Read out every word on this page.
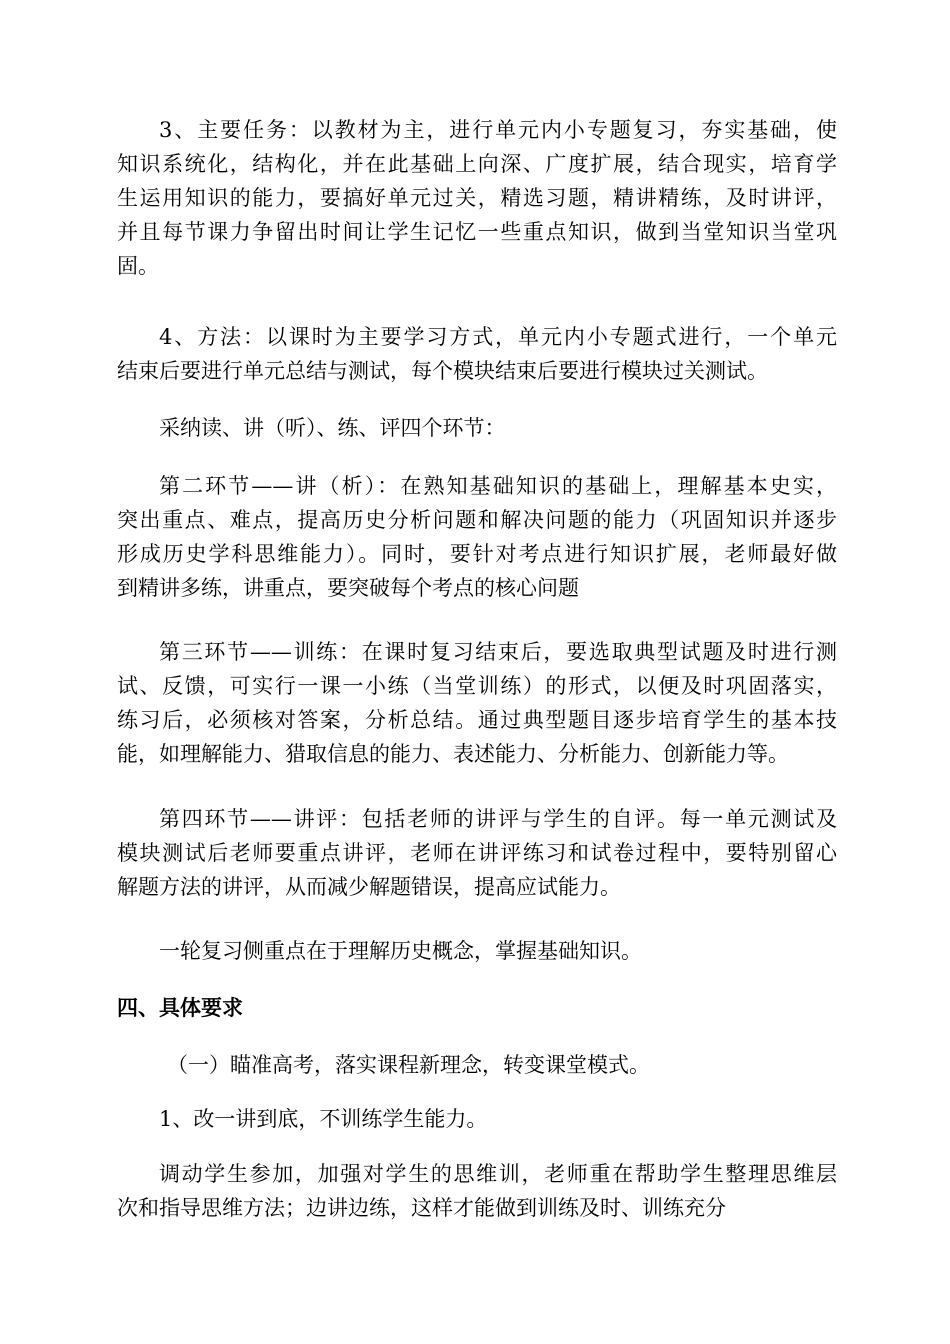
3、主要任务：以教材为主，进行单元内小专题复习，夯实基础，使
知识系统化，结构化，并在此基础上向深、广度扩展，结合现实，培育学
生运用知识的能力，要搞好单元过关，精选习题，精讲精练，及时讲评，
并且每节课力争留出时间让学生记忆一些重点知识，做到当堂知识当堂巩
固。
4、方法：以课时为主要学习方式，单元内小专题式进行，一个单元
结束后要进行单元总结与测试，每个模块结束后要进行模块过关测试。
采纳读、讲（听）、练、评四个环节：
第二环节——讲（析）：在熟知基础知识的基础上，理解基本史实，
突出重点、难点，提高历史分析问题和解决问题的能力（巩固知识并逐步
形成历史学科思维能力）。同时，要针对考点进行知识扩展，老师最好做
到精讲多练，讲重点，要突破每个考点的核心问题
第三环节——训练：在课时复习结束后，要选取典型试题及时进行测
试、反馈，可实行一课一小练（当堂训练）的形式，以便及时巩固落实，
练习后，必须核对答案，分析总结。通过典型题目逐步培育学生的基本技
能，如理解能力、猎取信息的能力、表述能力、分析能力、创新能力等。
第四环节——讲评：包括老师的讲评与学生的自评。每一单元测试及
模块测试后老师要重点讲评，老师在讲评练习和试卷过程中，要特别留心
解题方法的讲评，从而减少解题错误，提高应试能力。
一轮复习侧重点在于理解历史概念，掌握基础知识。
四、具体要求
（一）瞄准高考，落实课程新理念，转变课堂模式。
1、改一讲到底，不训练学生能力。
调动学生参加，加强对学生的思维训，老师重在帮助学生整理思维层
次和指导思维方法；边讲边练，这样才能做到训练及时、训练充分
